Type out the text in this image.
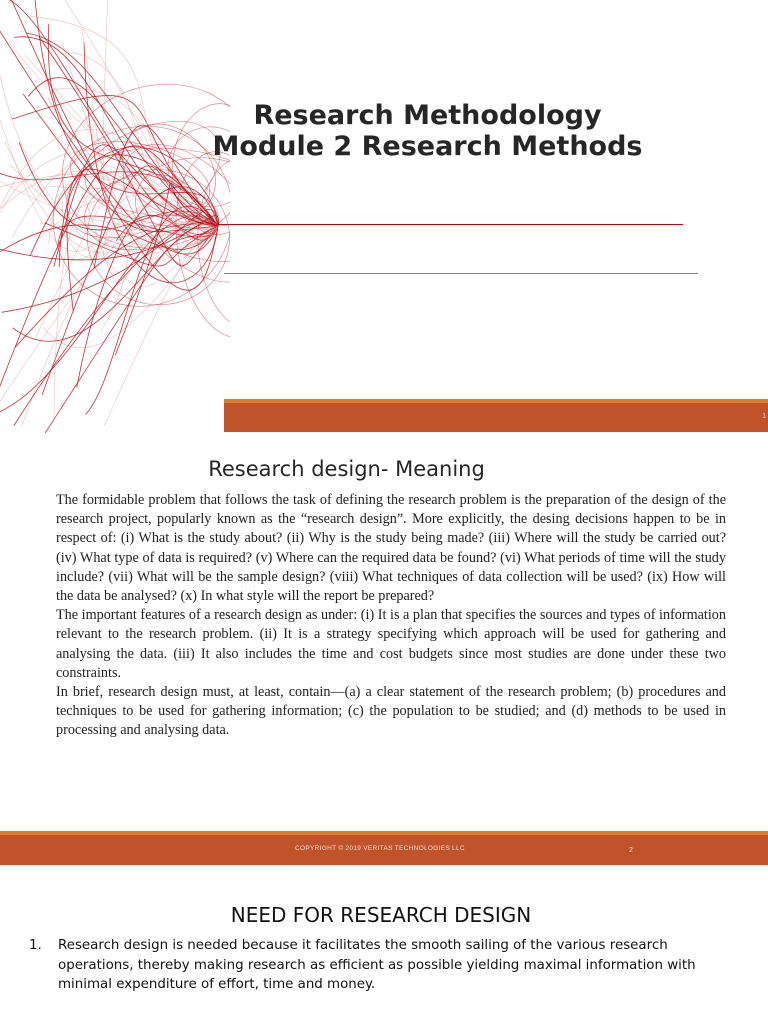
Research Methodology
Module 2 Research Methods
1
Research design- Meaning

The formidable problem that follows the task of defining the research problem is the preparation of the design of the research project, popularly known as the “research design”. More explicitly, the desing decisions happen to be in respect of: (i) What is the study about? (ii) Why is the study being made? (iii) Where will the study be carried out? (iv) What type of data is required? (v) Where can the required data be found? (vi) What periods of time will the study include? (vii) What will be the sample design? (viii) What techniques of data collection will be used? (ix) How will the data be analysed? (x) In what style will the report be prepared?

The important features of a research design as under: (i) It is a plan that specifies the sources and types of information relevant to the research problem. (ii) It is a strategy specifying which approach will be used for gathering and analysing the data. (iii) It also includes the time and cost budgets since most studies are done under these two constraints.

In brief, research design must, at least, contain—(a) a clear statement of the research problem; (b) procedures and techniques to be used for gathering information; (c) the population to be studied; and (d) methods to be used in processing and analysing data.

COPYRIGHT © 2019 VERITAS TECHNOLOGIES LLC	2
NEED FOR RESEARCH DESIGN
1. Research design is needed because it facilitates the smooth sailing of the various research operations, thereby making research as efficient as possible yielding maximal information with minimal expenditure of effort, time and money.
